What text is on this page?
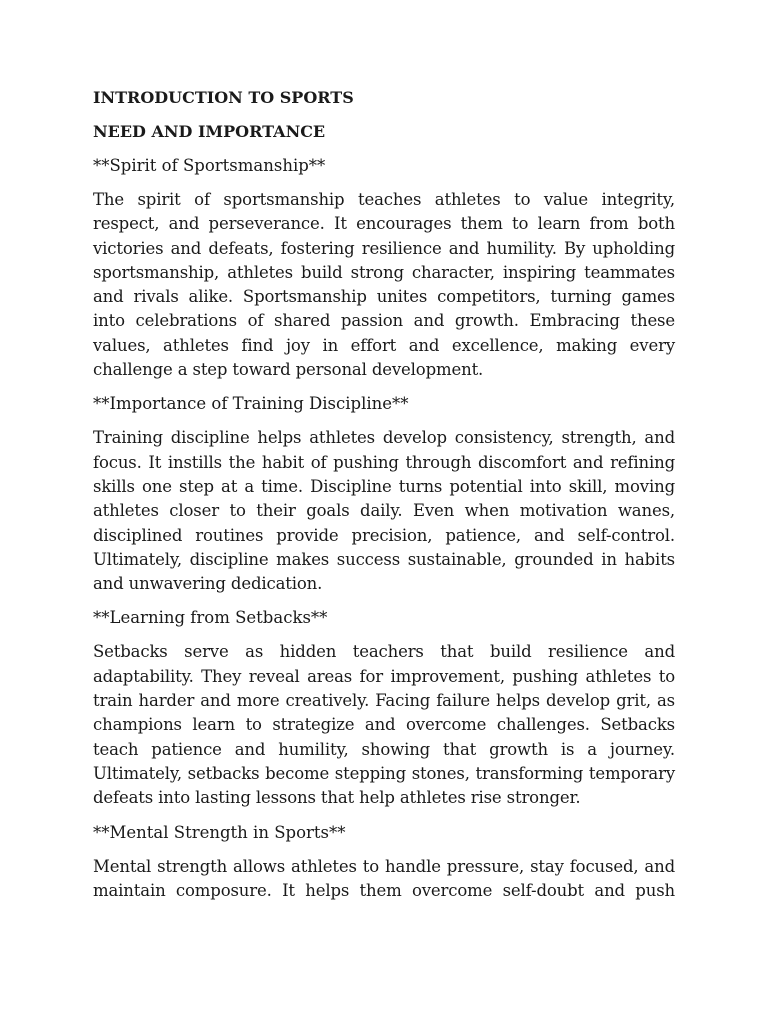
INTRODUCTION TO SPORTS
NEED AND IMPORTANCE

**Spirit of Sportsmanship**

The spirit of sportsmanship teaches athletes to value integrity, respect, and perseverance. It encourages them to learn from both victories and defeats, fostering resilience and humility. By upholding sportsmanship, athletes build strong character, inspiring teammates and rivals alike. Sportsmanship unites competitors, turning games into celebrations of shared passion and growth. Embracing these values, athletes find joy in effort and excellence, making every challenge a step toward personal development.

**Importance of Training Discipline**

Training discipline helps athletes develop consistency, strength, and focus. It instills the habit of pushing through discomfort and refining skills one step at a time. Discipline turns potential into skill, moving athletes closer to their goals daily. Even when motivation wanes, disciplined routines provide precision, patience, and self-control. Ultimately, discipline makes success sustainable, grounded in habits and unwavering dedication.

**Learning from Setbacks**

Setbacks serve as hidden teachers that build resilience and adaptability. They reveal areas for improvement, pushing athletes to train harder and more creatively. Facing failure helps develop grit, as champions learn to strategize and overcome challenges. Setbacks teach patience and humility, showing that growth is a journey. Ultimately, setbacks become stepping stones, transforming temporary defeats into lasting lessons that help athletes rise stronger.

**Mental Strength in Sports**

Mental strength allows athletes to handle pressure, stay focused, and maintain composure. It helps them overcome self-doubt and push
